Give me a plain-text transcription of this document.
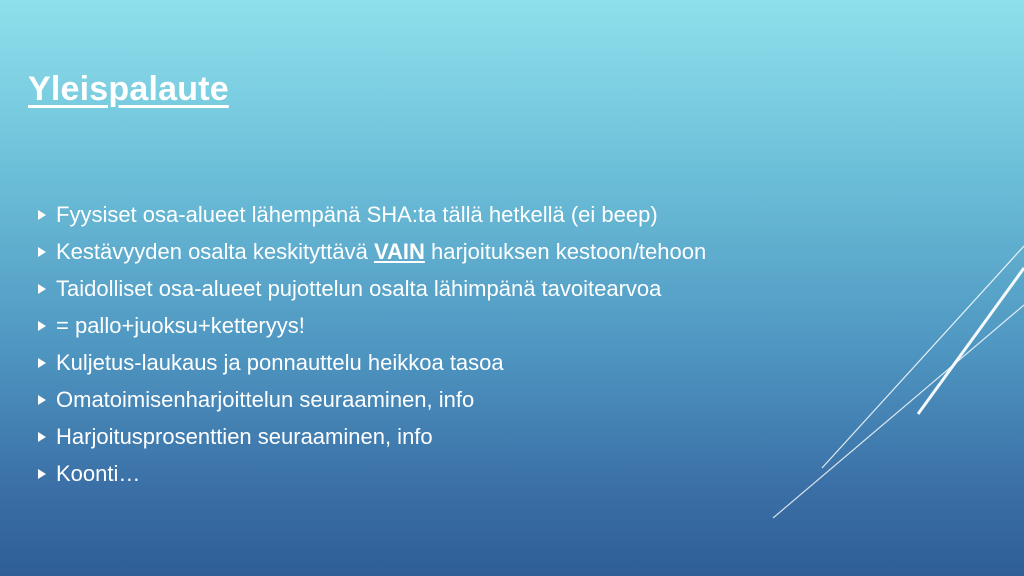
Yleispalaute
Fyysiset osa-alueet lähempänä SHA:ta tällä hetkellä (ei beep)
Kestävyyden osalta keskityttävä VAIN harjoituksen kestoon/tehoon
Taidolliset osa-alueet pujottelun osalta lähimpänä tavoitearvoa
= pallo+juoksu+ketteryys!
Kuljetus-laukaus ja ponnauttelu heikkoa tasoa
Omatoimisenharjoittelun seuraaminen, info
Harjoitusprosenttien seuraaminen, info
Koonti…
